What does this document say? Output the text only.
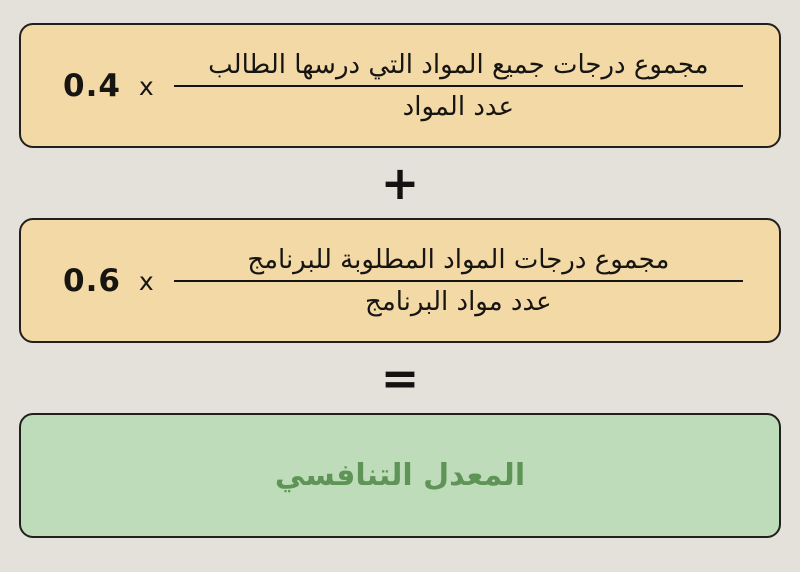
0.4 x $\frac{\text{مجموع درجات جميع المواد التي درسها الطالب}}{\text{عدد المواد}}$
+
0.6 x $\frac{\text{مجموع درجات المواد المطلوبة للبرنامج}}{\text{عدد مواد البرنامج}}$
=
المعدل التنافسي
